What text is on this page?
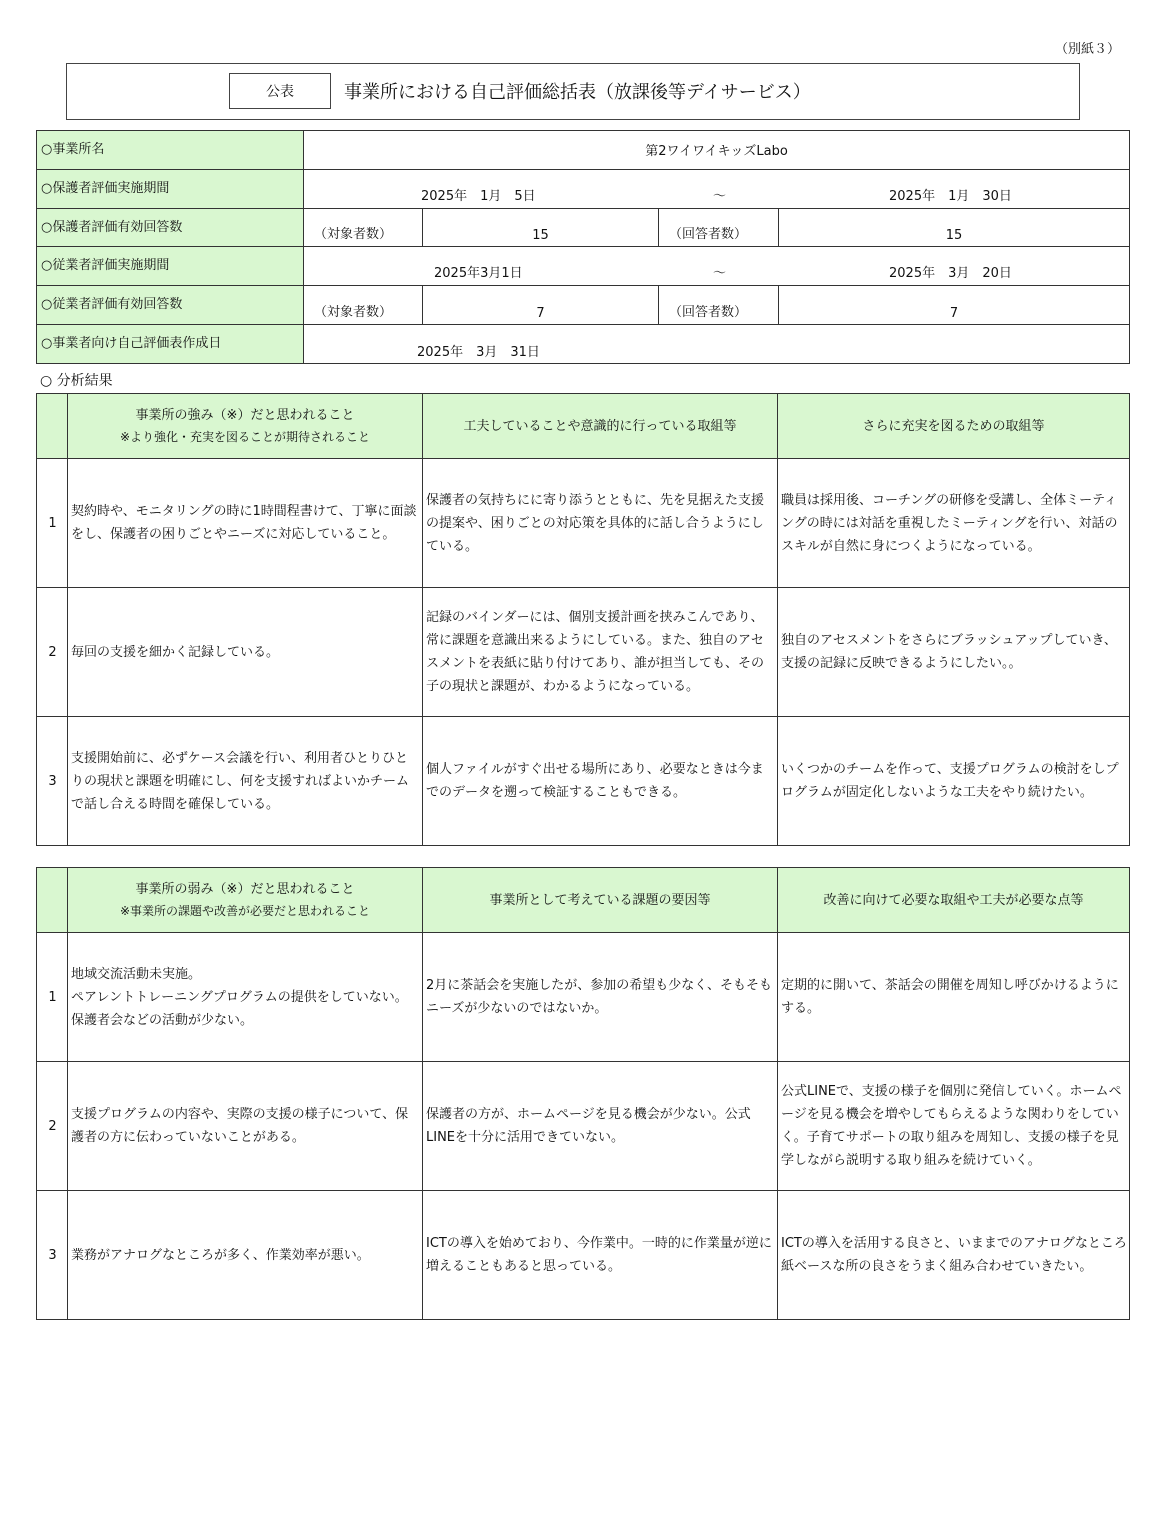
（別紙３）
公表	事業所における自己評価総括表（放課後等デイサービス）
○事業所名	第2ワイワイキッズLabo			
○保護者評価実施期間	2025年　1月　5日 ～ 2025年　1月　30日			

○保護者評価有効回答数	（対象者数）	15	（回答者数）	15
○従業者評価実施期間	2025年3月1日 ～ 2025年　3月　20日			

○従業者評価有効回答数	（対象者数）	7	（回答者数）	7
○事業者向け自己評価表作成日	2025年　3月　31日			
○ 分析結果

	事業所の強み（※）だと思われること
※より強化・充実を図ることが期待されること	工夫していることや意識的に行っている取組等	さらに充実を図るための取組等
1	契約時や、モニタリングの時に1時間程書けて、丁寧に面談をし、保護者の困りごとやニーズに対応していること。	保護者の気持ちにに寄り添うとともに、先を見据えた支援の提案や、困りごとの対応策を具体的に話し合うようにしている。	職員は採用後、コーチングの研修を受講し、全体ミーティングの時には対話を重視したミーティングを行い、対話のスキルが自然に身につくようになっている。
2	毎回の支援を細かく記録している。	記録のバインダーには、個別支援計画を挟みこんであり、常に課題を意識出来るようにしている。また、独自のアセスメントを表紙に貼り付けてあり、誰が担当しても、その子の現状と課題が、わかるようになっている。	独自のアセスメントをさらにブラッシュアップしていき、支援の記録に反映できるようにしたい。。
3	支援開始前に、必ずケース会議を行い、利用者ひとりひとりの現状と課題を明確にし、何を支援すればよいかチームで話し合える時間を確保している。	個人ファイルがすぐ出せる場所にあり、必要なときは今までのデータを遡って検証することもできる。	いくつかのチームを作って、支援プログラムの検討をしプログラムが固定化しないような工夫をやり続けたい。

	事業所の弱み（※）だと思われること
※事業所の課題や改善が必要だと思われること	事業所として考えている課題の要因等	改善に向けて必要な取組や工夫が必要な点等
1	地域交流活動未実施。
ペアレントトレーニングプログラムの提供をしていない。保護者会などの活動が少ない。	2月に茶話会を実施したが、参加の希望も少なく、そもそもニーズが少ないのではないか。	定期的に開いて、茶話会の開催を周知し呼びかけるようにする。
2	支援プログラムの内容や、実際の支援の様子について、保護者の方に伝わっていないことがある。	保護者の方が、ホームページを見る機会が少ない。公式LINEを十分に活用できていない。	公式LINEで、支援の様子を個別に発信していく。ホームページを見る機会を増やしてもらえるような関わりをしていく。子育てサポートの取り組みを周知し、支援の様子を見学しながら説明する取り組みを続けていく。
3	業務がアナログなところが多く、作業効率が悪い。	ICTの導入を始めており、今作業中。一時的に作業量が逆に増えることもあると思っている。	ICTの導入を活用する良さと、いままでのアナログなところ紙ベースな所の良さをうまく組み合わせていきたい。
